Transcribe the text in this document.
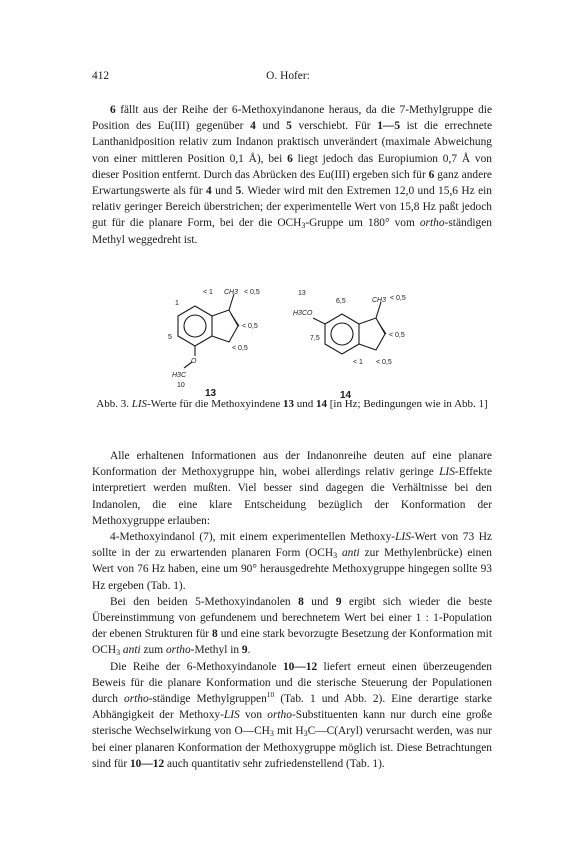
412	O. Hofer:

6 fällt aus der Reihe der 6-Methoxyindanone heraus, da die 7-Methylgruppe die Position des Eu(III) gegenüber 4 und 5 verschiebt. Für 1—5 ist die errechnete Lanthanidposition relativ zum Indanon praktisch unverändert (maximale Abweichung von einer mittleren Position 0,1 Å), bei 6 liegt jedoch das Europiumion 0,7 Å von dieser Position entfernt. Durch das Abrücken des Eu(III) ergeben sich für 6 ganz andere Erwartungswerte als für 4 und 5. Wieder wird mit den Extremen 12,0 und 15,6 Hz ein relativ geringer Bereich überstrichen; der experimentelle Wert von 15,8 Hz paßt jedoch gut für die planare Form, bei der die $OCH_3$-Gruppe um 180° vom ortho-ständigen Methyl weggedreht ist.

< 1
1
< 0,5
5
< 0,5
< 0,5
10
CH3
H3C
O
13
6,5	< 0,5
< 0,5
7,5
< 1 < 0,5
CH3
H3CO
13	14
Abb. 3. LIS-Werte für die Methoxyindene 13 und 14 [in Hz; Bedingungen wie in Abb. 1]

Alle erhaltenen Informationen aus der Indanonreihe deuten auf eine planare Konformation der Methoxygruppe hin, wobei allerdings relativ geringe LIS-Effekte interpretiert werden mußten. Viel besser sind dagegen die Verhältnisse bei den Indanolen, die eine klare Entscheidung bezüglich der Konformation der Methoxygruppe erlauben:

4-Methoxyindanol (7), mit einem experimentellen Methoxy-LIS-Wert von 73 Hz sollte in der zu erwartenden planaren Form ($OCH_3$ anti zur Methylenbrücke) einen Wert von 76 Hz haben, eine um 90° herausgedrehte Methoxygruppe hingegen sollte 93 Hz ergeben (Tab. 1).

Bei den beiden 5-Methoxyindanolen 8 und 9 ergibt sich wieder die beste Übereinstimmung von gefundenem und berechnetem Wert bei einer 1 : 1-Population der ebenen Strukturen für 8 und eine stark bevorzugte Besetzung der Konformation mit $OCH_3$ anti zum ortho-Methyl in 9.

Die Reihe der 6-Methoxyindanole 10—12 liefert erneut einen überzeugenden Beweis für die planare Konformation und die sterische Steuerung der Populationen durch ortho-ständige Methylgruppen$^{10}$ (Tab. 1 und Abb. 2). Eine derartige starke Abhängigkeit der Methoxy-LIS von ortho-Substituenten kann nur durch eine große sterische Wechselwirkung von $O—CH_3$ mit $H_3C—C(Aryl)$ verursacht werden, was nur bei einer planaren Konformation der Methoxygruppe möglich ist. Diese Betrachtungen sind für 10—12 auch quantitativ sehr zufriedenstellend (Tab. 1).
